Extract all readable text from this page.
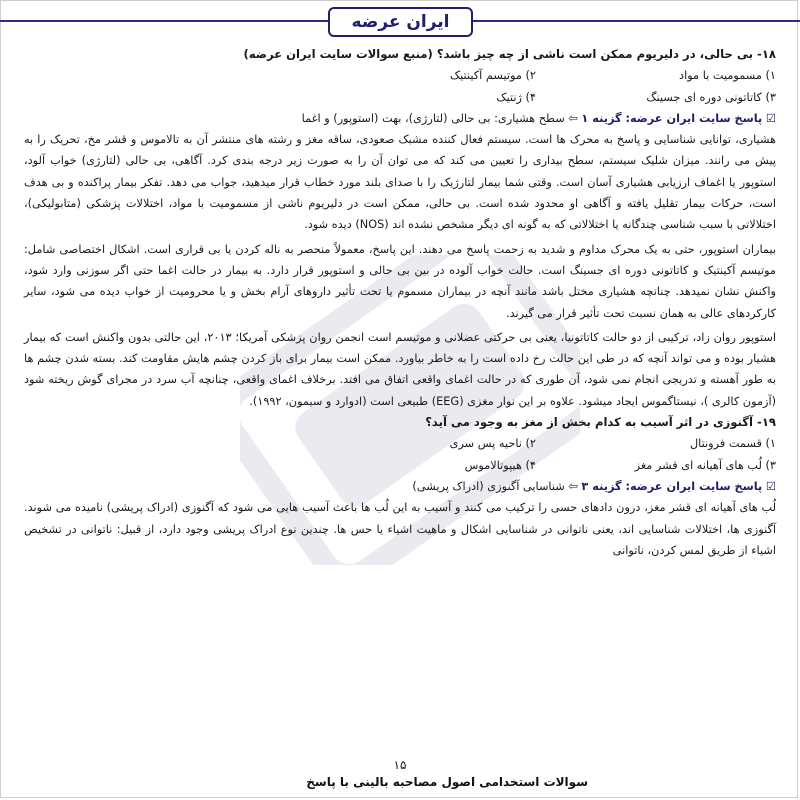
ایران عرضه

۱۸- بی حالی، در دلیریوم ممکن است ناشی از چه چیز باشد؟ (منبع سوالات سایت ایران عرضه)

۱) مسمومیت با مواد
۲) موتیسم آکینتیک
۳) کاتاتونی دوره ای جسینگ
۴) ژنتیک

☑ پاسخ سایت ایران عرضه: گزینه ۱ ⇦ سطح هشیاری: بی حالی (لتارژی)، بهت (استوپور) و اغما

هشیاری، توانایی شناسایی و پاسخ به محرک ها است. سیستم فعال کننده مشبک صعودی، ساقه مغز و رشته های منتشر آن به تالاموس و قشر مخ، تحریک را به پیش می رانند. میزان شلیک سیستم، سطح بیداری را تعیین می کند که می توان آن را به صورت زیر درجه بندی کرد. آگاهی، بی حالی (لتارژی) خواب آلود، استوپور یا اغماف ارزیابی هشیاری آسان است. وقتی شما بیمار لتارژیک را با صدای بلند مورد خطاب قرار میدهید، جواب می دهد. تفکر بیمار پراکنده و بی هدف است، حرکات بیمار تقلیل یافته و آگاهی او محدود شده است. بی حالی، ممکن است در دلیریوم ناشی از مسمومیت با مواد، اختلالات پزشکی (متابولیکی)، اختلالاتی با سبب شناسی چندگانه یا اختلالاتی که به گونه ای دیگر مشخص نشده اند (NOS) دیده شود.

بیماران استوپور، حتی به یک محرک مداوم و شدید به زحمت پاسخ می دهند. این پاسخ، معمولاً منحصر به ناله کردن یا بی قراری است. اشکال اختصاصی شامل: موتیسم آکینتیک و کاتاتونی دوره ای جسینگ است. حالت خواب آلوده در بین بی حالی و استوپور قرار دارد. به بیمار در حالت اغما حتی اگر سوزنی وارد شود، واکنش نشان نمیدهد. چنانچه هشیاری مختل باشد مانند آنچه در بیماران مسموم یا تحت تأثیر داروهای آرام بخش و یا محرومیت از خواب دیده می شود، سایر کارکردهای عالی به همان نسبت تحت تأثیر قرار می گیرند.

استوپور روان زاد، ترکیبی از دو حالت کاتاتونیا، یعنی بی حرکتی عضلانی و موتیسم است انجمن روان پزشکی آمریکا؛ ۲۰۱۳، این حالتی بدون واکنش است که بیمار هشیار بوده و می تواند آنچه که در طی این حالت رخ داده است را به خاطر بیاورد. ممکن است بیمار برای باز کردن چشم هایش مقاومت کند. بسته شدن چشم ها به طور آهسته و تدریجی انجام نمی شود، آن طوری که در حالت اغمای واقعی اتفاق می افتد. برخلاف اغمای واقعی، چنانچه آب سرد در مجرای گوش ریخته شود (آزمون کالری )، نیستاگموس ایجاد میشود. علاوه بر این نوار مغزی (EEG) طبیعی است (ادوارد و سیمون، ۱۹۹۲).

۱۹- آگنوزی در اثر آسیب به کدام بخش از مغز به وجود می آید؟

۱) قسمت فرونتال
۲) ناحیه پس سری
۳) لُب های آهیانه ای قشر مغز
۴) هیپوتالاموس

☑ پاسخ سایت ایران عرضه: گزینه ۳ ⇦ شناسایی آگنوزی (ادراک پریشی)

لُب های آهیانه ای قشر مغز، درون دادهای حسی را ترکیب می کنند و آسیب به این لُب ها باعث آسیب هایی می شود که آگنوزی (ادراک پریشی) نامیده می شوند. آگنوزی ها، اختلالات شناسایی اند، یعنی ناتوانی در شناسایی اشکال و ماهیت اشیاء یا حس ها. چندین نوع ادراک پریشی وجود دارد، از قبیل: ناتوانی در تشخیص اشیاء از طریق لمس کردن، ناتوانی

۱۵
سوالات استخدامی اصول مصاحبه بالینی با پاسخ
